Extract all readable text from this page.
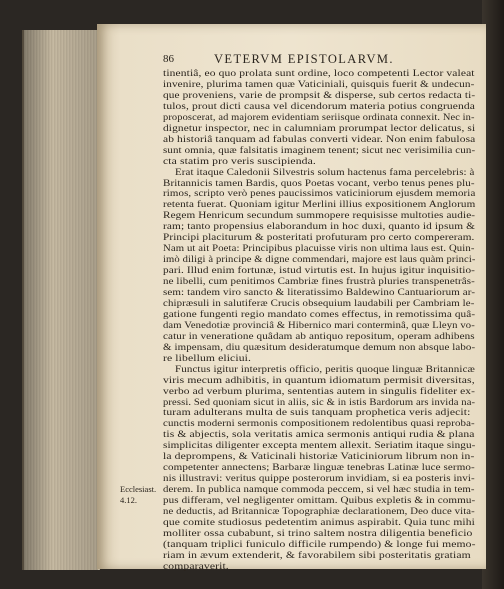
86	VETERVM EPISTOLARVM.
tinentiâ, eo quo prolata sunt ordine, loco competenti Lector valeat
invenire, plurima tamen quæ Vaticiniali, quisquis fuerit & undecun-
que proveniens, varie de prompsit & disperse, sub certos redacta ti-
tulos, prout dicti causa vel dicendorum materia potius congruenda
proposcerat, ad majorem evidentiam seriisque ordinata connexit. Nec in-
dignetur inspector, nec in calumniam prorumpat lector delicatus, si
ab historiâ tanquam ad fabulas converti videar. Non enim fabulosa
sunt omnia, quæ falsitatis imaginem tenent; sicut nec verisimilia cun-
cta statim pro veris suscipienda.
Erat itaque Caledonii Silvestris solum hactenus fama percelebris: à
Britannicis tamen Bardis, quos Poetas vocant, verbo tenus penes plu-
rimos, scripto verò penes paucissimos vaticiniorum ejusdem memoria
retenta fuerat. Quoniam igitur Merlini illius expositionem Anglorum
Regem Henricum secundum summopere requisisse multoties audie-
ram; tanto propensius elaborandum in hoc duxi, quanto id ipsum &
Principi placiturum & posteritati profuturam pro certo compereram.
Nam ut ait Poeta: Principibus placuisse viris non ultima laus est. Quin-
imò diligi à principe & digne commendari, majore est laus quàm princi-
pari. Illud enim fortunæ, istud virtutis est. In hujus igitur inquisitio-
ne libelli, cum penitimos Cambriæ fines frustrà pluries transpenetrâs-
sem: tandem viro sancto & literatissimo Baldewino Cantuariorum ar-
chipræsuli in salutiferæ Crucis obsequium laudabili per Cambriam le-
gatione fungenti regio mandato comes effectus, in remotissima quâ-
dam Venedotiæ provinciâ & Hibernico mari conterminâ, quæ Lleyn vo-
catur in veneratione quâdam ab antiquo repositum, operam adhibens
& impensam, diu quæsitum desideratumque demum non absque labo-
re libellum eliciui.
Functus igitur interpretis officio, peritis quoque linguæ Britannicæ
viris mecum adhibitis, in quantum idiomatum permisit diversitas,
verbo ad verbum plurima, sententias autem in singulis fideliter ex-
pressi. Sed quoniam sicut in aliis, sic & in istis Bardorum ars invida na-
turam adulterans multa de suis tanquam prophetica veris adjecit:
cunctis moderni sermonis compositionem redolentibus quasi reproba-
tis & abjectis, sola veritatis amica sermonis antiqui rudia & plana
simplicitas diligenter excepta mentem allexit. Seriatim itaque singu-
la deprompens, & Vaticinali historiæ Vaticiniorum librum non in-
competenter annectens; Barbaræ linguæ tenebras Latinæ luce sermo-
nis illustravi: veritus quippe posterorum invidiam, si ea posteris invi-
derem. In publica namque commoda peccem, si vel hæc studia in tem-
pus differam, vel negligenter omittam. Quibus expletis & in commu-
ne deductis, ad Britannicæ Topographiæ declarationem, Deo duce vita-
que comite studiosus pedetentim animus aspirabit. Quia tunc mihi
molliter ossa cubabunt, si trino saltem nostra diligentia beneficio
(tanquam triplici funiculo difficile rumpendo) & longe fui memo-
riam in ævum extenderit, & favorabilem sibi posteritatis gratiam
comparaverit.
Ecclesiast.
4.12.
